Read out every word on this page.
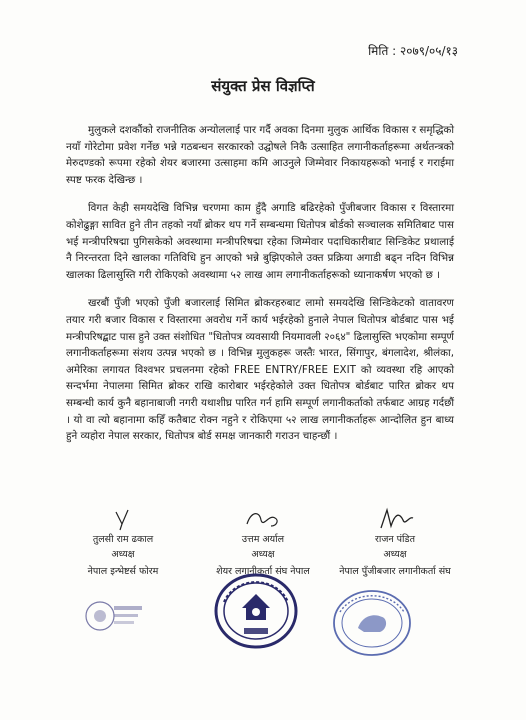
मिति : २०७९/०५/१३
संयुक्त प्रेस विज्ञप्ति

मुलुकले दशकौंको राजनीतिक अन्योललाई पार गर्दै अवका दिनमा मुलुक आर्थिक विकास र समृद्धिको नयाँ गोरेटोमा प्रवेश गर्नेछ भन्ने गठबन्धन सरकारको उद्घोषले निकै उत्साहित लगानीकर्ताहरूमा अर्थतन्त्रको मेरुदण्डको रूपमा रहेको शेयर बजारमा उत्साहमा कमि आउनुले जिम्मेवार निकायहरूको भनाई र गराईमा स्पष्ट फरक देखिन्छ ।

विगत केही समयदेखि विभिन्न चरणमा काम हुँदै अगाडि बढिरहेको पुँजीबजार विकास र विस्तारमा कोशेढुङ्गा सावित हुने तीन तहको नयाँ ब्रोकर थप गर्ने सम्बन्धमा धितोपत्र बोर्डको सञ्चालक समितिबाट पास भई मन्त्रीपरिषद्मा पुगिसकेको अवस्थामा मन्त्रीपरिषद्मा रहेका जिम्मेवार पदाधिकारीबाट सिन्डिकेट प्रथालाई नै निरन्तरता दिने खालका गतिविधि हुन आएको भन्ने बुझिएकोले उक्त प्रक्रिया अगाडी बढ्न नदिन विभिन्न खालका ढिलासुस्ति गरी रोकिएको अवस्थामा ५२ लाख आम लगानीकर्ताहरूको ध्यानाकर्षण भएको छ ।

खरबौं पुँजी भएको पुँजी बजारलाई सिमित ब्रोकरहरुबाट लामो समयदेखि सिन्डिकेटको वातावरण तयार गरी बजार विकास र विस्तारमा अवरोध गर्ने कार्य भईरहेको हुनाले नेपाल धितोपत्र बोर्डबाट पास भई मन्त्रीपरिषद्बाट पास हुने उक्त संशोधित "धितोपत्र व्यवसायी नियमावली २०६४" ढिलासुस्ति भएकोमा सम्पूर्ण लगानीकर्ताहरूमा संशय उत्पन्न भएको छ । विभिन्न मुलुकहरू जस्तैः भारत, सिंगापुर, बंगलादेश, श्रीलंका, अमेरिका लगायत विश्वभर प्रचलनमा रहेको FREE ENTRY/FREE EXIT को व्यवस्था रहि आएको सन्दर्भमा नेपालमा सिमित ब्रोकर राखि कारोबार भईरहेकोले उक्त धितोपत्र बोर्डबाट पारित ब्रोकर थप सम्बन्धी कार्य कुनै बहानाबाजी नगरी यथाशीघ्र पारित गर्न हामि सम्पूर्ण लगानीकर्ताको तर्फबाट आग्रह गर्दछौं । यो वा त्यो बहानामा कहिँ कतैबाट रोक्न नहुने र रोकिएमा ५२ लाख लगानीकर्ताहरू आन्दोलित हुन बाध्य हुने व्यहोरा नेपाल सरकार, धितोपत्र बोर्ड समक्ष जानकारी गराउन चाहन्छौं ।

तुलसी राम ढकाल
अध्यक्ष
नेपाल इन्भेष्टर्स फोरम
उत्तम अर्याल
अध्यक्ष
शेयर लगानीकर्ता संघ नेपाल
राजन पंडित
अध्यक्ष
नेपाल पुँजीबजार लगानीकर्ता संघ
